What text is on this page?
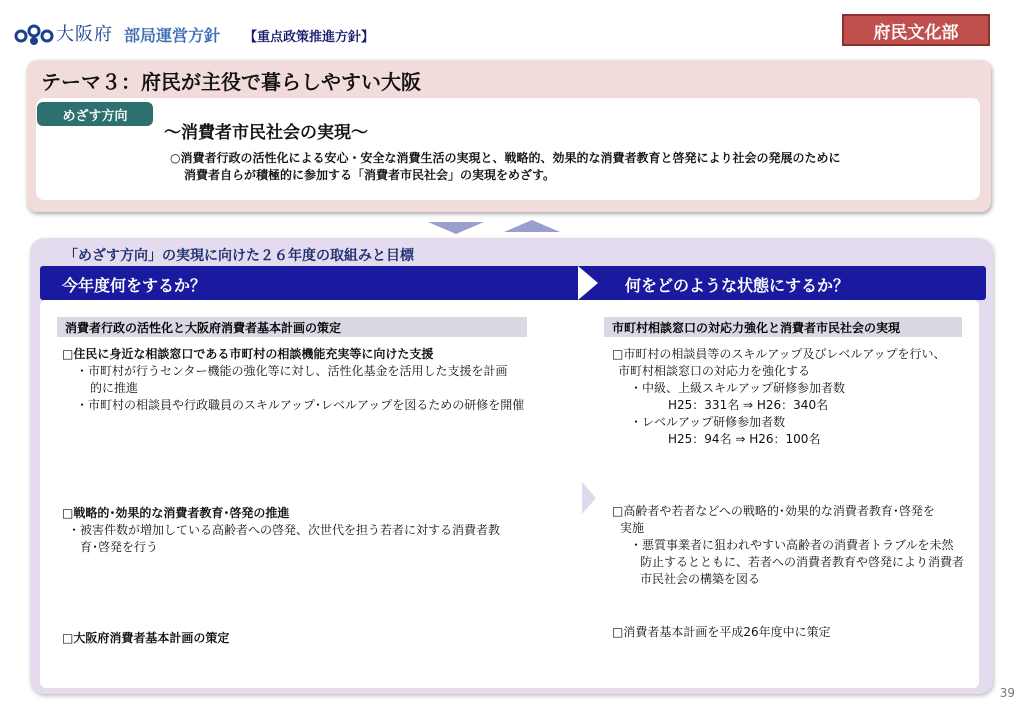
大阪府 部局運営方針 【重点政策推進方針】	府民文化部
テーマ３：府民が主役で暮らしやすい大阪
めざす方向
～消費者市民社会の実現～
○消費者行政の活性化による安心・安全な消費生活の実現と、戦略的、効果的な消費者教育と啓発により社会の発展のために
消費者自らが積極的に参加する「消費者市民社会」の実現をめざす。
「めざす方向」の実現に向けた２６年度の取組みと目標
今年度何をするか？	何をどのような状態にするか？
消費者行政の活性化と大阪府消費者基本計画の策定	市町村相談窓口の対応力強化と消費者市民社会の実現
□住民に身近な相談窓口である市町村の相談機能充実等に向けた支援
・市町村が行うセンター機能の強化等に対し、活性化基金を活用した支援を計画
的に推進
・市町村の相談員や行政職員のスキルアップ･レベルアップを図るための研修を開催
□戦略的･効果的な消費者教育･啓発の推進
・被害件数が増加している高齢者への啓発、次世代を担う若者に対する消費者教
育･啓発を行う
□大阪府消費者基本計画の策定
□市町村の相談員等のスキルアップ及びレベルアップを行い、
市町村相談窓口の対応力を強化する
・中級、上級スキルアップ研修参加者数
H25：331名 ⇒ H26：340名
・レベルアップ研修参加者数
H25：94名 ⇒ H26：100名
□高齢者や若者などへの戦略的･効果的な消費者教育･啓発を
実施
・悪質事業者に狙われやすい高齢者の消費者トラブルを未然
防止するとともに、若者への消費者教育や啓発により消費者
市民社会の構築を図る
□消費者基本計画を平成26年度中に策定
39
